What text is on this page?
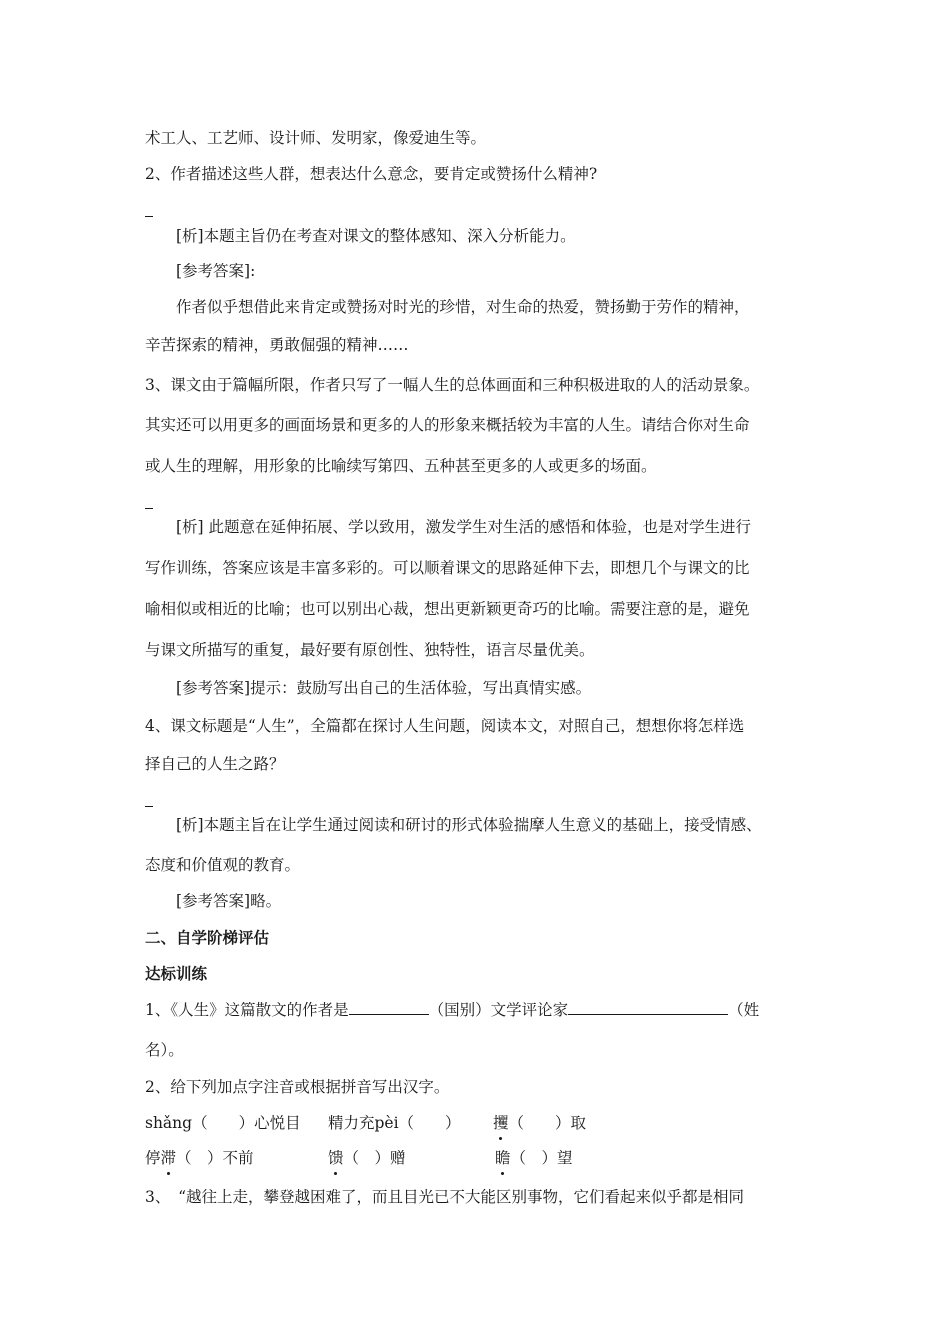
术工人、工艺师、设计师、发明家，像爱迪生等。
2、作者描述这些人群，想表达什么意念，要肯定或赞扬什么精神?
[析]本题主旨仍在考查对课文的整体感知、深入分析能力。
[参考答案]:
作者似乎想借此来肯定或赞扬对时光的珍惜，对生命的热爱，赞扬勤于劳作的精神，
辛苦探索的精神，勇敢倔强的精神……
3、课文由于篇幅所限，作者只写了一幅人生的总体画面和三种积极进取的人的活动景象。
其实还可以用更多的画面场景和更多的人的形象来概括较为丰富的人生。请结合你对生命
或人生的理解，用形象的比喻续写第四、五种甚至更多的人或更多的场面。
[析] 此题意在延伸拓展、学以致用，激发学生对生活的感悟和体验，也是对学生进行
写作训练，答案应该是丰富多彩的。可以顺着课文的思路延伸下去，即想几个与课文的比
喻相似或相近的比喻；也可以别出心裁，想出更新颖更奇巧的比喻。需要注意的是，避免
与课文所描写的重复，最好要有原创性、独特性，语言尽量优美。
[参考答案]提示：鼓励写出自己的生活体验，写出真情实感。
4、课文标题是“人生”，全篇都在探讨人生问题，阅读本文，对照自己，想想你将怎样选
择自己的人生之路？
[析]本题主旨在让学生通过阅读和研讨的形式体验揣摩人生意义的基础上，接受情感、
态度和价值观的教育。
[参考答案]略。
二、自学阶梯评估
达标训练
1、《人生》这篇散文的作者是	（国别）文学评论家	（姓
名）。
2、给下列加点字注音或根据拼音写出汉字。
shǎng（　　）心悦目 精力充pèi（　　） 攫（　　）取
停滞（　）不前	馈（　）赠	瞻（　）望
3、　“越往上走，攀登越困难了，而且目光已不大能区别事物，它们看起来似乎都是相同
